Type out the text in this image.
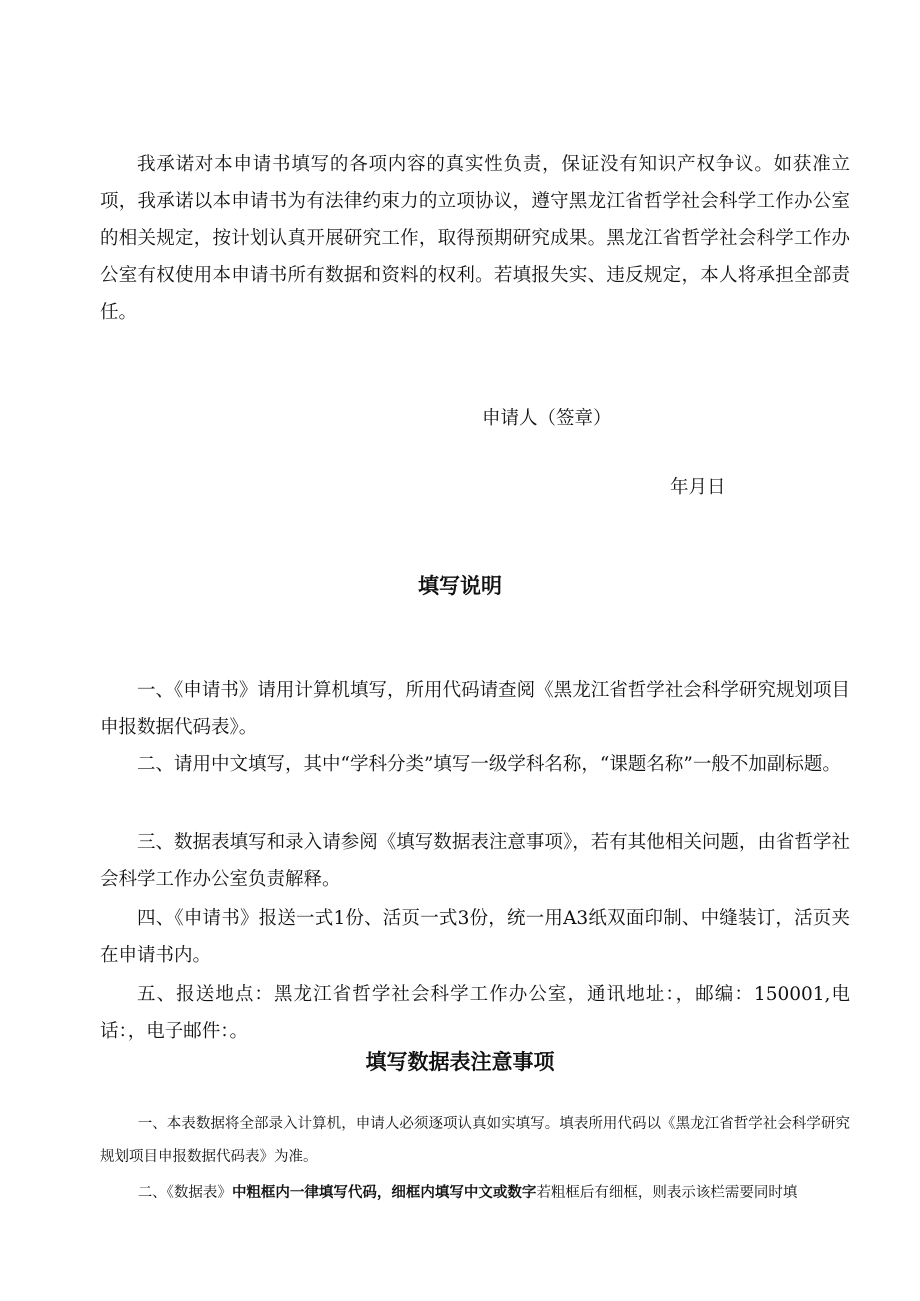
我承诺对本申请书填写的各项内容的真实性负责，保证没有知识产权争议。如获准立项，我承诺以本申请书为有法律约束力的立项协议，遵守黑龙江省哲学社会科学工作办公室的相关规定，按计划认真开展研究工作，取得预期研究成果。黑龙江省哲学社会科学工作办公室有权使用本申请书所有数据和资料的权利。若填报失实、违反规定，本人将承担全部责任。

申请人（签章）

年月日

填写说明

一、《申请书》请用计算机填写，所用代码请查阅《黑龙江省哲学社会科学研究规划项目申报数据代码表》。

二、请用中文填写，其中“学科分类”填写一级学科名称，“课题名称”一般不加副标题。

三、数据表填写和录入请参阅《填写数据表注意事项》，若有其他相关问题，由省哲学社会科学工作办公室负责解释。

四、《申请书》报送一式1份、活页一式3份，统一用A3纸双面印制、中缝装订，活页夹在申请书内。

五、报送地点：黑龙江省哲学社会科学工作办公室，通讯地址：，邮编：150001,电话：，电子邮件：。

填写数据表注意事项

一、本表数据将全部录入计算机，申请人必须逐项认真如实填写。填表所用代码以《黑龙江省哲学社会科学研究规划项目申报数据代码表》为准。

二、《数据表》中粗框内一律填写代码，细框内填写中文或数字若粗框后有细框，则表示该栏需要同时填
